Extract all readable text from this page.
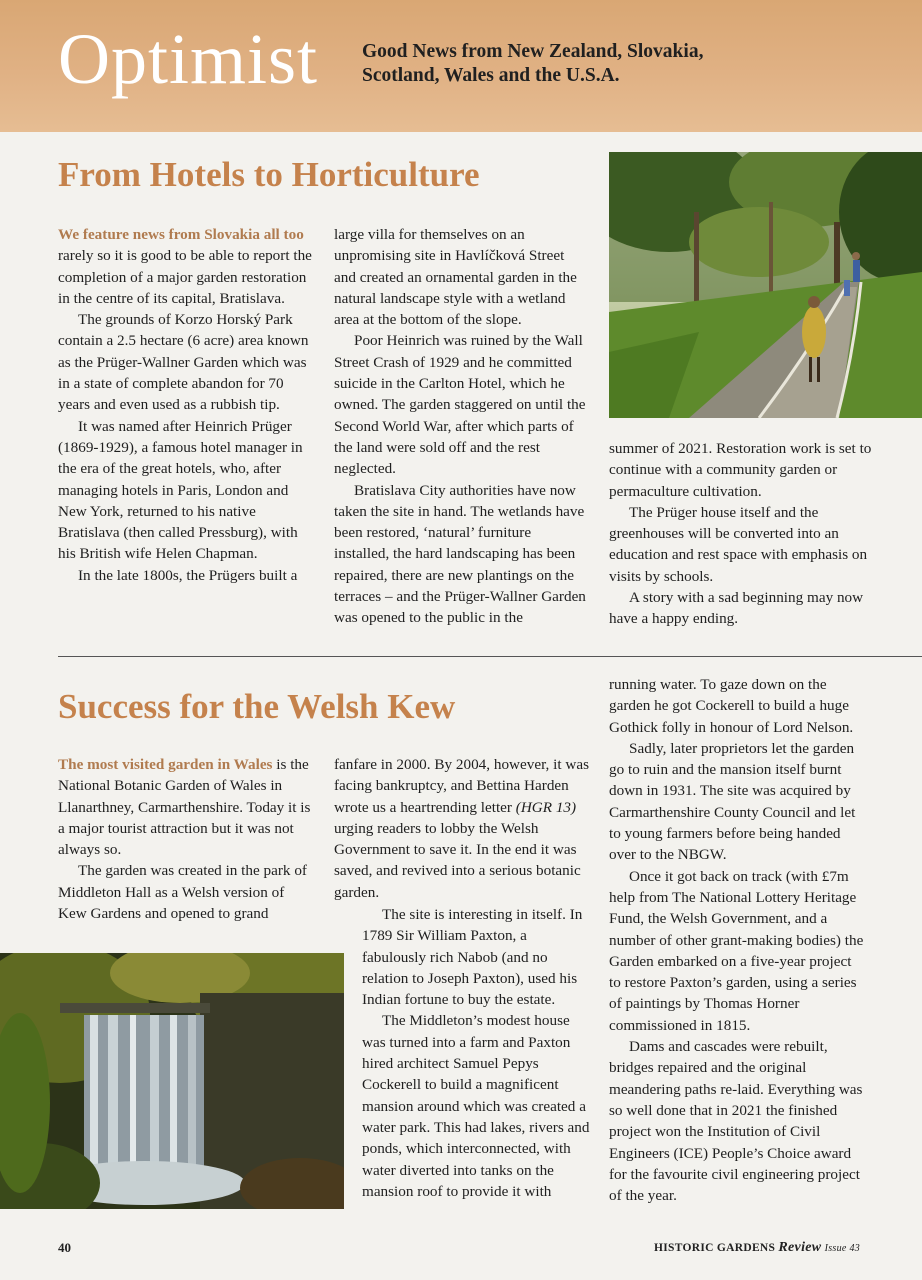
Optimist Good News from New Zealand, Slovakia, Scotland, Wales and the U.S.A.
From Hotels to Horticulture

We feature news from Slovakia all too rarely so it is good to be able to report the completion of a major garden restoration in the centre of its capital, Bratislava.

The grounds of Korzo Horský Park contain a 2.5 hectare (6 acre) area known as the Prüger-Wallner Garden which was in a state of complete abandon for 70 years and even used as a rubbish tip.

It was named after Heinrich Prüger (1869-1929), a famous hotel manager in the era of the great hotels, who, after managing hotels in Paris, London and New York, returned to his native Bratislava (then called Pressburg), with his British wife Helen Chapman.

In the late 1800s, the Prügers built a

large villa for themselves on an unpromising site in Havlíčková Street and created an ornamental garden in the natural landscape style with a wetland area at the bottom of the slope.

Poor Heinrich was ruined by the Wall Street Crash of 1929 and he committed suicide in the Carlton Hotel, which he owned. The garden staggered on until the Second World War, after which parts of the land were sold off and the rest neglected.

Bratislava City authorities have now taken the site in hand. The wetlands have been restored, ‘natural’ furniture installed, the hard landscaping has been repaired, there are new plantings on the terraces – and the Prüger-Wallner Garden was opened to the public in the

summer of 2021. Restoration work is set to continue with a community garden or permaculture cultivation.

The Prüger house itself and the greenhouses will be converted into an education and rest space with emphasis on visits by schools.

A story with a sad beginning may now have a happy ending.

Success for the Welsh Kew

The most visited garden in Wales is the National Botanic Garden of Wales in Llanarthney, Carmarthenshire. Today it is a major tourist attraction but it was not always so.

The garden was created in the park of Middleton Hall as a Welsh version of Kew Gardens and opened to grand

fanfare in 2000. By 2004, however, it was facing bankruptcy, and Bettina Harden wrote us a heartrending letter (HGR 13) urging readers to lobby the Welsh Government to save it. In the end it was saved, and revived into a serious botanic garden.

The site is interesting in itself. In 1789 Sir William Paxton, a fabulously rich Nabob (and no relation to Joseph Paxton), used his Indian fortune to buy the estate.

The Middleton’s modest house was turned into a farm and Paxton hired architect Samuel Pepys Cockerell to build a magnificent mansion around which was created a water park. This had lakes, rivers and ponds, which interconnected, with water diverted into tanks on the mansion roof to provide it with

running water. To gaze down on the garden he got Cockerell to build a huge Gothick folly in honour of Lord Nelson.

Sadly, later proprietors let the garden go to ruin and the mansion itself burnt down in 1931. The site was acquired by Carmarthenshire County Council and let to young farmers before being handed over to the NBGW.

Once it got back on track (with £7m help from The National Lottery Heritage Fund, the Welsh Government, and a number of other grant-making bodies) the Garden embarked on a five-year project to restore Paxton’s garden, using a series of paintings by Thomas Horner commissioned in 1815.

Dams and cascades were rebuilt, bridges repaired and the original meandering paths re-laid. Everything was so well done that in 2021 the finished project won the Institution of Civil Engineers (ICE) People’s Choice award for the favourite civil engineering project of the year.

40	HISTORIC GARDENS Review Issue 43
